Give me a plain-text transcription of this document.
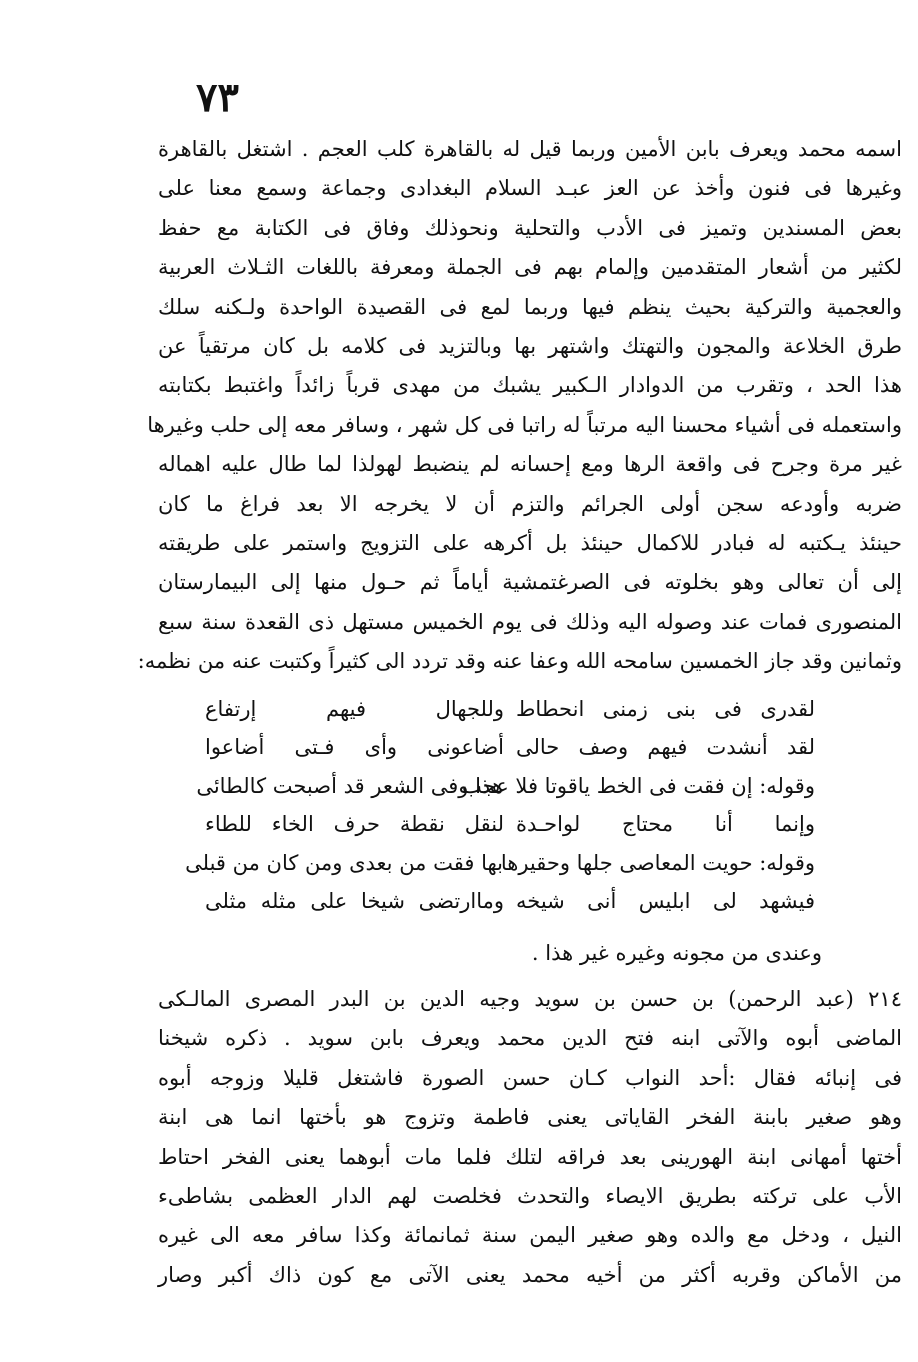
٧٣
اسمه محمد ويعرف بابن الأمين وربما قيل له بالقاهرة كلب العجم . اشتغل بالقاهرة
وغيرها فى فنون وأخذ عن العز عبـد السلام البغدادى وجماعة وسمع معنا على
بعض المسندين وتميز فى الأدب والتحلية ونحوذلك وفاق فى الكتابة مع حفظ
لكثير من أشعار المتقدمين وإلمام بهم فى الجملة ومعرفة باللغات الثـلاث العربية
والعجمية والتركية بحيث ينظم فيها وربما لمع فى القصيدة الواحدة ولـكنه سلك
طرق الخلاعة والمجون والتهتك واشتهر بها وبالتزيد فى كلامه بل كان مرتقياً عن
هذا الحد ، وتقرب من الدوادار الـكبير يشبك من مهدى قرباً زائداً واغتبط بكتابته
واستعمله فى أشياء محسنا اليه مرتباً له راتبا فى كل شهر ، وسافر معه إلى حلب وغيرها
غير مرة وجرح فى واقعة الرها ومع إحسانه لم ينضبط لهولذا لما طال عليه اهماله
ضربه وأودعه سجن أولى الجرائم والتزم أن لا يخرجه الا بعد فراغ ما كان
حينئذ يـكتبه له فبادر للاكمال حينئذ بل أكرهه على التزويج واستمر على طريقته
إلى أن تعالى وهو بخلوته فى الصرغتمشية أياماً ثم حـول منها إلى البيمارستان
المنصورى فمات عند وصوله اليه وذلك فى يوم الخميس مستهل ذى القعدة سنة سبع
وثمانين وقد جاز الخمسين سامحه الله وعفا عنه وقد تردد الى كثيراً وكتبت عنه من نظمه:
لقدرى فى بنى زمنى انحطاط
وللجهال فيهم إرتفاع
لقد أنشدت فيهم وصف حالى
أضاعونى وأى فـتى أضاعوا
وقوله: إن فقت فى الخط ياقوتا فلا عجب
هذا وفى الشعر قد أصبحت كالطائى
وإنما أنا محتاج لواحـدة
لنقل نقطة حرف الخاء للطاء
وقوله: حويت المعاصى جلها وحقيرها
بها فقت من بعدى ومن كان من قبلى
فيشهد لى ابليس أنى شيخه
وماارتضى شيخا على مثله مثلى
وعندى من مجونه وغيره غير هذا .
٢١٤ (عبد الرحمن) بن حسن بن سويد وجيه الدين بن البدر المصرى المالـكى
الماضى أبوه والآتى ابنه فتح الدين محمد ويعرف بابن سويد . ذكره شيخنا
فى إنبائه فقال :أحد النواب كـان حسن الصورة فاشتغل قليلا وزوجه أبوه
وهو صغير بابنة الفخر القاياتى يعنى فاطمة وتزوج هو بأختها انما هى ابنة
أختها أمهانى ابنة الهورينى بعد فراقه لتلك فلما مات أبوهما يعنى الفخر احتاط
الأب على تركته بطريق الايصاء والتحدث فخلصت لهم الدار العظمى بشاطىء
النيل ، ودخل مع والده وهو صغير اليمن سنة ثمانمائة وكذا سافر معه الى غيره
من الأماكن وقربه أكثر من أخيه محمد يعنى الآتى مع كون ذاك أكبر وصار
